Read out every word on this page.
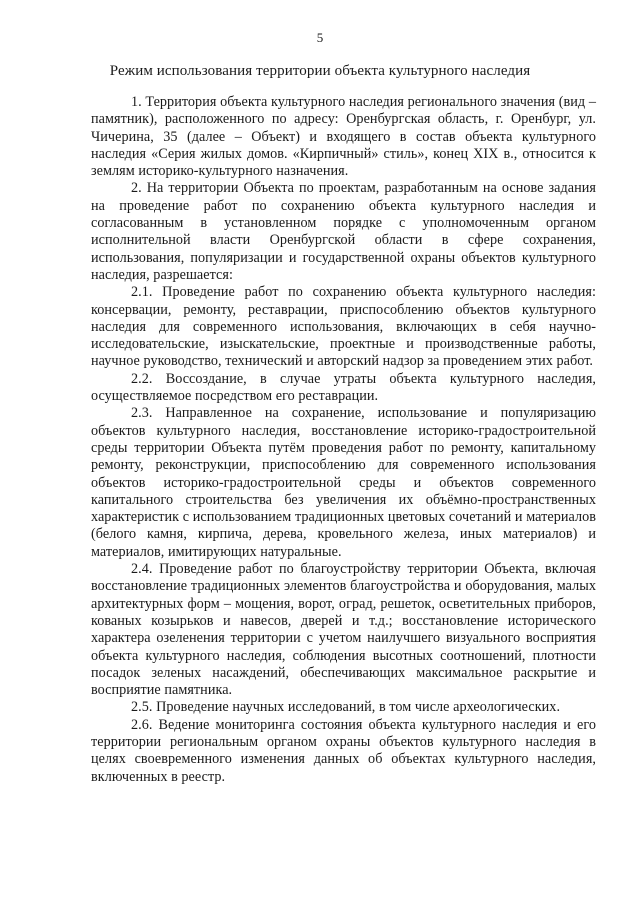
5
Режим использования территории объекта культурного наследия

1. Территория объекта культурного наследия регионального значения (вид – памятник), расположенного по адресу: Оренбургская область, г. Оренбург, ул. Чичерина, 35 (далее – Объект) и входящего в состав объекта культурного наследия «Серия жилых домов. «Кирпичный» стиль», конец XIX в., относится к землям историко-культурного назначения.

2. На территории Объекта по проектам, разработанным на основе задания на проведение работ по сохранению объекта культурного наследия и согласованным в установленном порядке с уполномоченным органом исполнительной власти Оренбургской области в сфере сохранения, использования, популяризации и государственной охраны объектов культурного наследия, разрешается:

2.1. Проведение работ по сохранению объекта культурного наследия: консервации, ремонту, реставрации, приспособлению объектов культурного наследия для современного использования, включающих в себя научно-исследовательские, изыскательские, проектные и производственные работы, научное руководство, технический и авторский надзор за проведением этих работ.

2.2. Воссоздание, в случае утраты объекта культурного наследия, осуществляемое посредством его реставрации.

2.3. Направленное на сохранение, использование и популяризацию объектов культурного наследия, восстановление историко-градостроительной среды территории Объекта путём проведения работ по ремонту, капитальному ремонту, реконструкции, приспособлению для современного использования объектов историко-градостроительной среды и объектов современного капитального строительства без увеличения их объёмно-пространственных характеристик с использованием традиционных цветовых сочетаний и материалов (белого камня, кирпича, дерева, кровельного железа, иных материалов) и материалов, имитирующих натуральные.

2.4. Проведение работ по благоустройству территории Объекта, включая восстановление традиционных элементов благоустройства и оборудования, малых архитектурных форм – мощения, ворот, оград, решеток, осветительных приборов, кованых козырьков и навесов, дверей и т.д.; восстановление исторического характера озеленения территории с учетом наилучшего визуального восприятия объекта культурного наследия, соблюдения высотных соотношений, плотности посадок зеленых насаждений, обеспечивающих максимальное раскрытие и восприятие памятника.

2.5. Проведение научных исследований, в том числе археологических.

2.6. Ведение мониторинга состояния объекта культурного наследия и его территории региональным органом охраны объектов культурного наследия в целях своевременного изменения данных об объектах культурного наследия, включенных в реестр.
